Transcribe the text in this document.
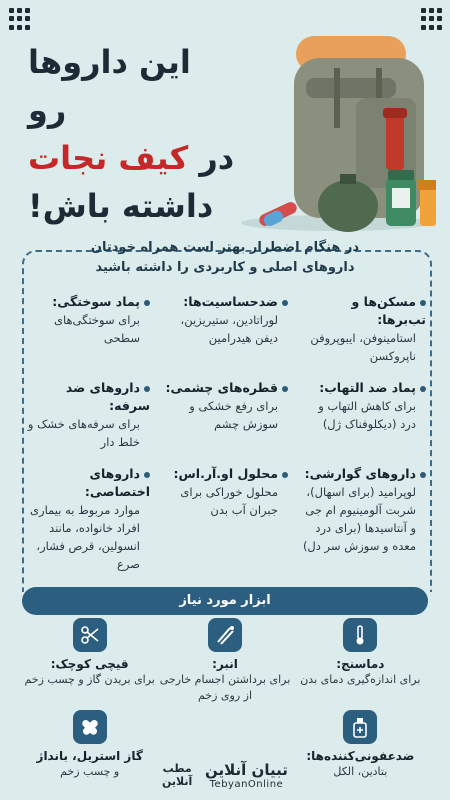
این داروها رو
در کیف نجات
داشته باش!
در هنگام اضطرار بهتر است همراه خودتان
داروهای اصلی و کاربردی را داشته باشید
مسکن‌ها و تب‌برها:
استامینوفن، ایبوپروفن ناپروکسن
ضدحساسیت‌ها:
لوراتادین، ستیریزین، دیفن هیدرامین
پماد سوختگی:
برای سوختگی‌های سطحی
پماد ضد التهاب:
برای کاهش التهاب و درد (دیکلوفناک ژل)
قطره‌های چشمی:
برای رفع خشکی و سوزش چشم
داروهای ضد سرفه:
برای سرفه‌های خشک و خلط دار
داروهای گوارشی:
لوپرامید (برای اسهال)، شربت آلومینیوم ام جی و آنتاسیدها (برای درد معده و سوزش سر دل)
محلول او.آر.اس:
محلول خوراکی برای جبران آب بدن
داروهای اختصاصی:
موارد مربوط به بیماری افراد خانواده، مانند انسولین، قرص فشار، صرع
ابزار مورد نیاز
دماسنج:
برای اندازه‌گیری دمای بدن
انبر:
برای برداشتن اجسام خارجی از روی زخم
قیچی کوچک:
برای بریدن گاز و چسب زخم
ضدعفونی‌کننده‌ها:
بتادین، الکل
گاز استریل، بانداژ
و چسب زخم	تبیان آنلاین
TebyanOnline
مطب
آنلاین
